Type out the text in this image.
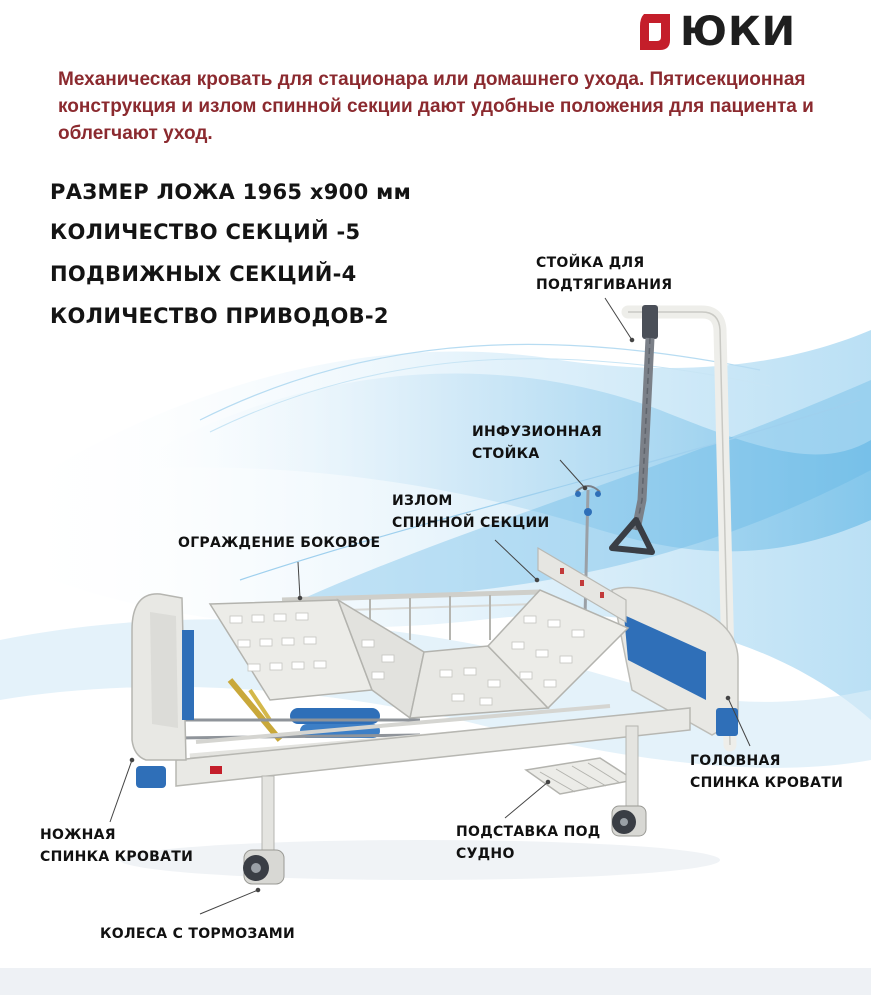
ЮКИ

Механическая кровать для стационара или домашнего ухода. Пятисекционная конструкция и излом спинной секции дают удобные положения для пациента и облегчают уход.

РАЗМЕР ЛОЖА 1965 х900 мм
КОЛИЧЕСТВО СЕКЦИЙ -5
ПОДВИЖНЫХ СЕКЦИЙ-4
КОЛИЧЕСТВО ПРИВОДОВ-2
СТОЙКА ДЛЯ
ПОДТЯГИВАНИЯ
ИНФУЗИОННАЯ
СТОЙКА
ИЗЛОМ
СПИННОЙ СЕКЦИИ
ОГРАЖДЕНИЕ БОКОВОЕ
ГОЛОВНАЯ
СПИНКА КРОВАТИ
НОЖНАЯ
СПИНКА КРОВАТИ
ПОДСТАВКА ПОД
СУДНО
КОЛЕСА С ТОРМОЗАМИ
